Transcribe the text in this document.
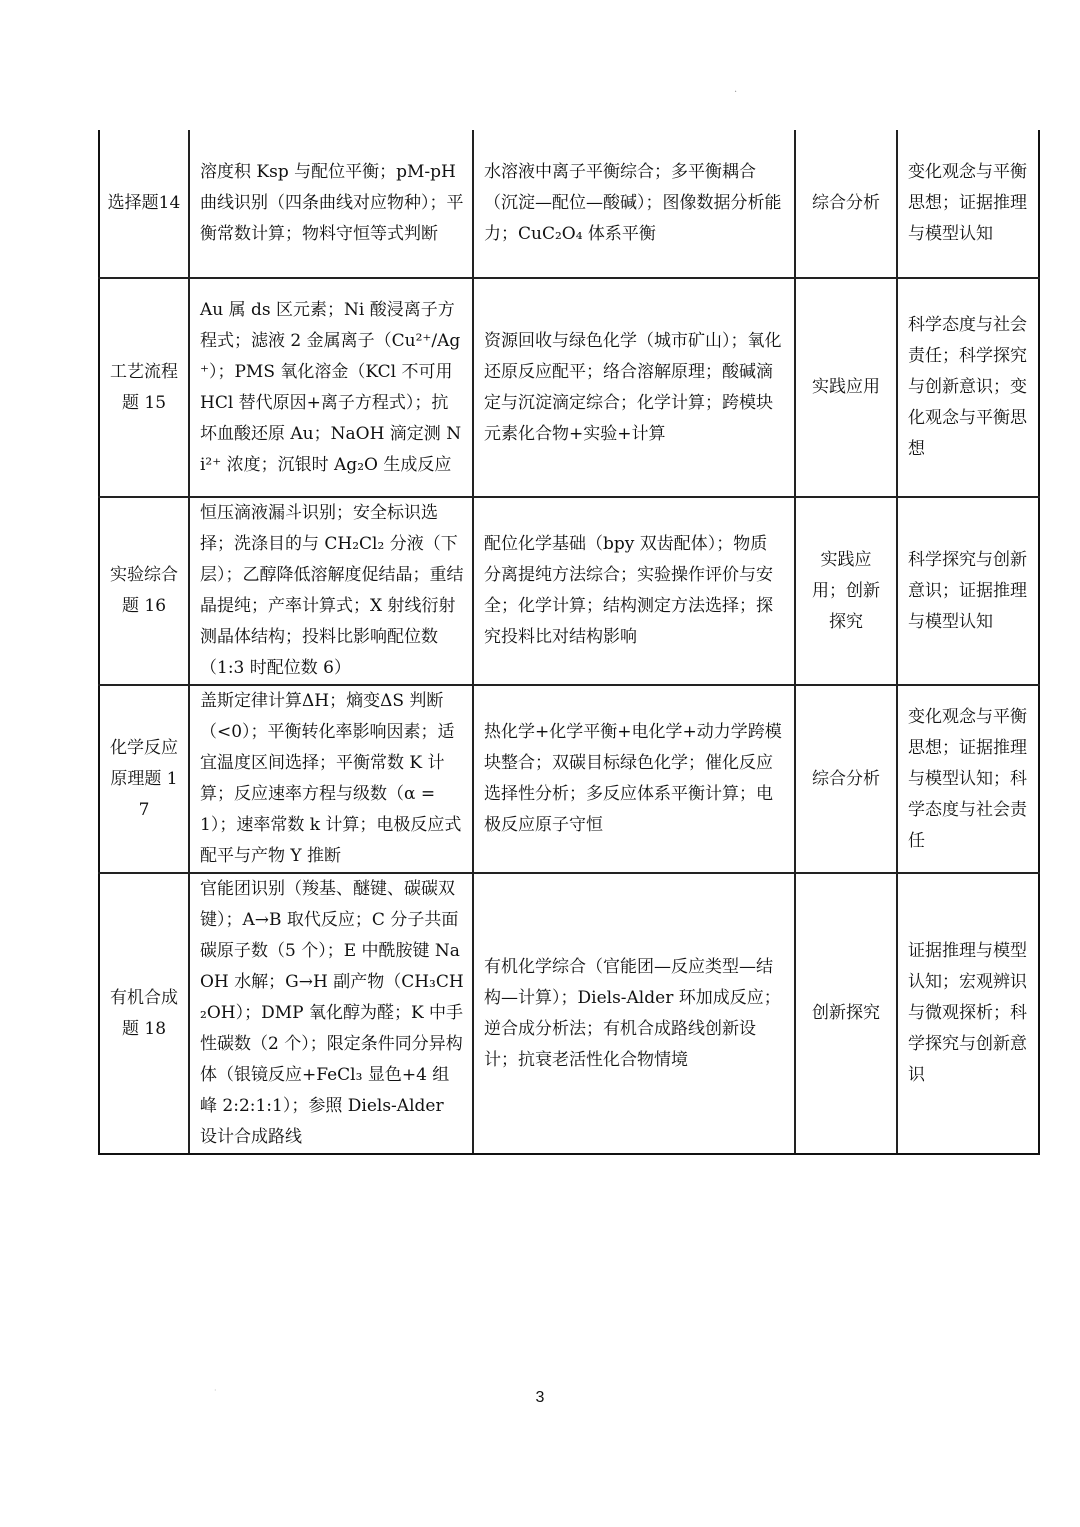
.
选择题14	溶度积 Ksp 与配位平衡；pM-pH 曲线识别（四条曲线对应物种）；平衡常数计算；物料守恒等式判断	水溶液中离子平衡综合；多平衡耦合（沉淀—配位—酸碱）；图像数据分析能力；CuC₂O₄ 体系平衡	综合分析	变化观念与平衡思想；证据推理与模型认知

工艺流程题 15	Au 属 ds 区元素；Ni 酸浸离子方程式；滤液 2 金属离子（Cu²⁺/Ag⁺）；PMS 氧化溶金（KCl 不可用 HCl 替代原因+离子方程式）；抗坏血酸还原 Au；NaOH 滴定测 Ni²⁺ 浓度；沉银时 Ag₂O 生成反应	资源回收与绿色化学（城市矿山）；氧化还原反应配平；络合溶解原理；酸碱滴定与沉淀滴定综合；化学计算；跨模块元素化合物+实验+计算	实践应用	科学态度与社会责任；科学探究与创新意识；变化观念与平衡思想

实验综合题 16	恒压滴液漏斗识别；安全标识选择；洗涤目的与 CH₂Cl₂ 分液（下层）；乙醇降低溶解度促结晶；重结晶提纯；产率计算式；X 射线衍射测晶体结构；投料比影响配位数（1:3 时配位数 6）	配位化学基础（bpy 双齿配体）；物质分离提纯方法综合；实验操作评价与安全；化学计算；结构测定方法选择；探究投料比对结构影响	实践应用；创新探究	科学探究与创新意识；证据推理与模型认知

化学反应原理题 17	盖斯定律计算ΔH；熵变ΔS 判断（<0）；平衡转化率影响因素；适宜温度区间选择；平衡常数 K 计算；反应速率方程与级数（α =1）；速率常数 k 计算；电极反应式配平与产物 Y 推断	热化学+化学平衡+电化学+动力学跨模块整合；双碳目标绿色化学；催化反应选择性分析；多反应体系平衡计算；电极反应原子守恒	综合分析	变化观念与平衡思想；证据推理与模型认知；科学态度与社会责任

有机合成题 18	官能团识别（羧基、醚键、碳碳双键）；A→B 取代反应；C 分子共面碳原子数（5 个）；E 中酰胺键 NaOH 水解；G→H 副产物（CH₃CH₂OH）；DMP 氧化醇为醛；K 中手性碳数（2 个）；限定条件同分异构体（银镜反应+FeCl₃ 显色+4 组峰 2:2:1:1）；参照 Diels-Alder 设计合成路线	有机化学综合（官能团—反应类型—结构—计算）；Diels-Alder 环加成反应；逆合成分析法；有机合成路线创新设计；抗衰老活性化合物情境	创新探究	证据推理与模型认知；宏观辨识与微观探析；科学探究与创新意识
·	3
